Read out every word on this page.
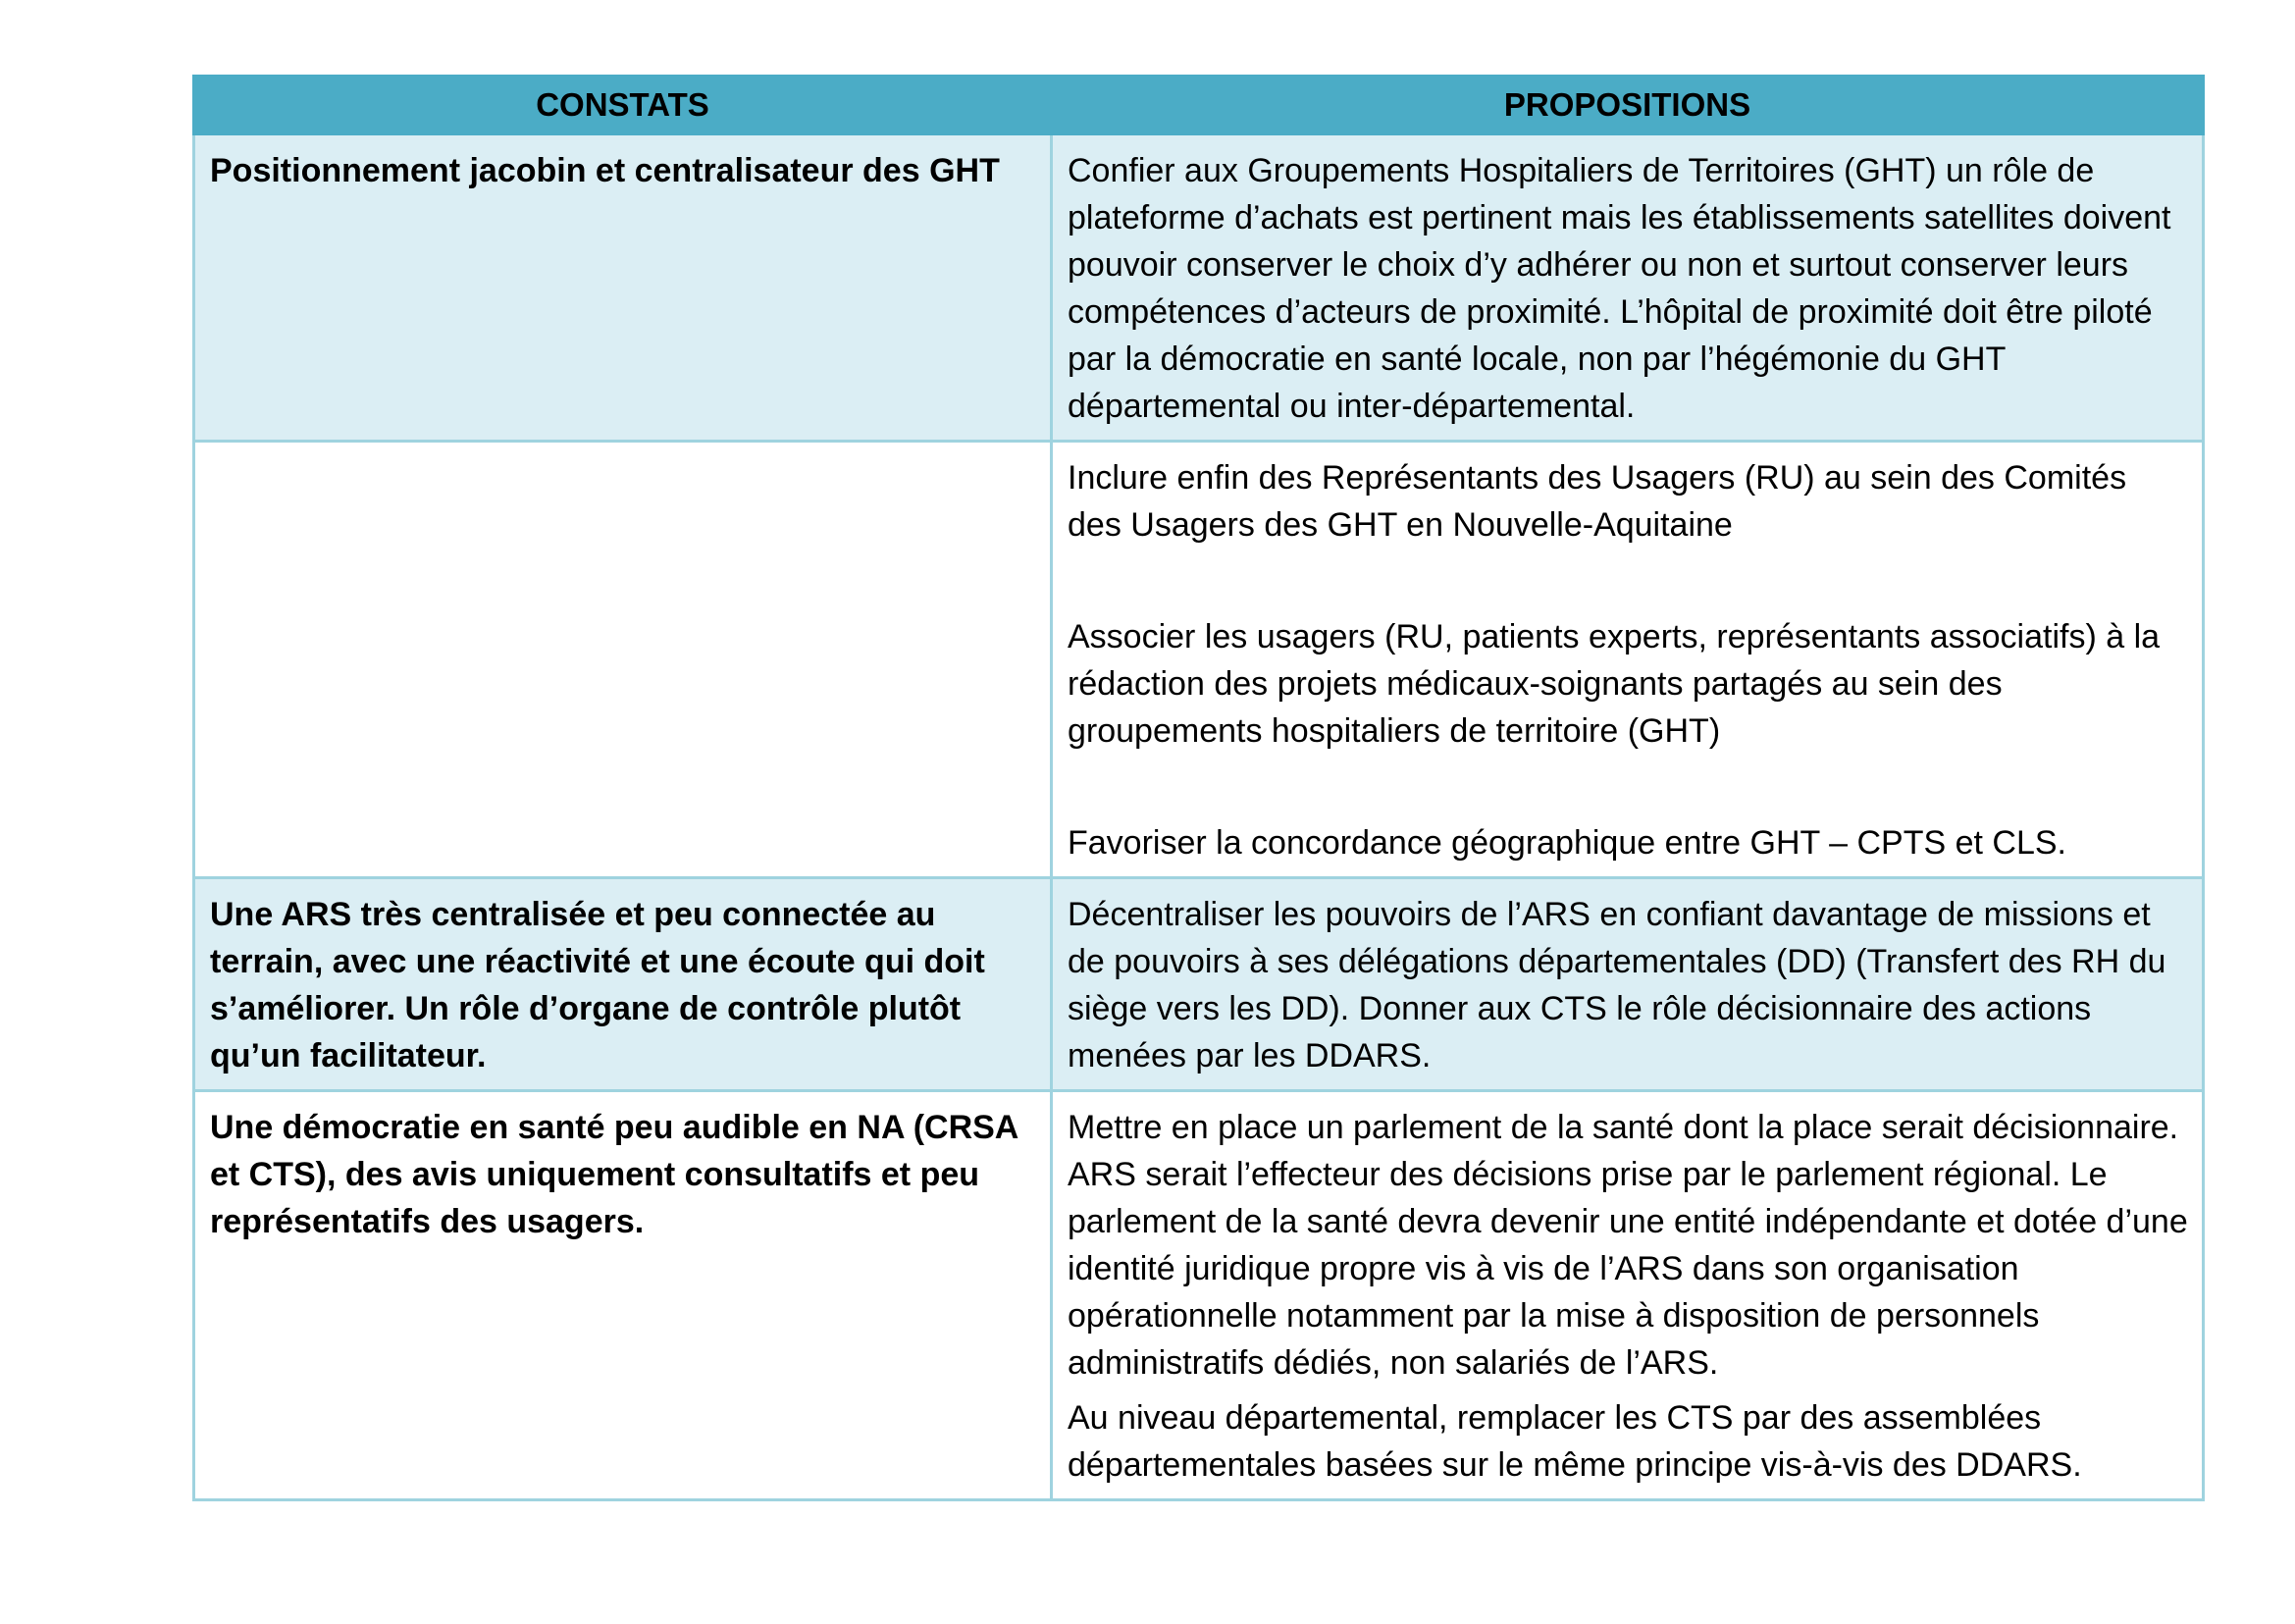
CONSTATS	PROPOSITIONS
Positionnement jacobin et centralisateur des GHT	Confier aux Groupements Hospitaliers de Territoires (GHT) un rôle de plateforme d’achats est pertinent mais les établissements satellites doivent pouvoir conserver le choix d’y adhérer ou non et surtout conserver leurs compétences d’acteurs de proximité. L’hôpital de proximité doit être piloté par la démocratie en santé locale, non par l’hégémonie du GHT départemental ou inter-départemental.

	Inclure enfin des Représentants des Usagers (RU) au sein des Comités des Usagers des GHT en Nouvelle-Aquitaine

Associer les usagers (RU, patients experts, représentants associatifs) à la rédaction des projets médicaux-soignants partagés au sein des groupements hospitaliers de territoire (GHT)

Favoriser la concordance géographique entre GHT – CPTS et CLS.

Une ARS très centralisée et peu connectée au terrain, avec une réactivité et une écoute qui doit s’améliorer. Un rôle d’organe de contrôle plutôt qu’un facilitateur.	Décentraliser les pouvoirs de l’ARS en confiant davantage de missions et de pouvoirs à ses délégations départementales (DD) (Transfert des RH du siège vers les DD). Donner aux CTS le rôle décisionnaire des actions menées par les DDARS.

Une démocratie en santé peu audible en NA (CRSA et CTS), des avis uniquement consultatifs et peu représentatifs des usagers.	Mettre en place un parlement de la santé dont la place serait décisionnaire. ARS serait l’effecteur des décisions prise par le parlement régional. Le parlement de la santé devra devenir une entité indépendante et dotée d’une identité juridique propre vis à vis de l’ARS dans son organisation opérationnelle notamment par la mise à disposition de personnels administratifs dédiés, non salariés de l’ARS.

Au niveau départemental, remplacer les CTS par des assemblées départementales basées sur le même principe vis-à-vis des DDARS.
